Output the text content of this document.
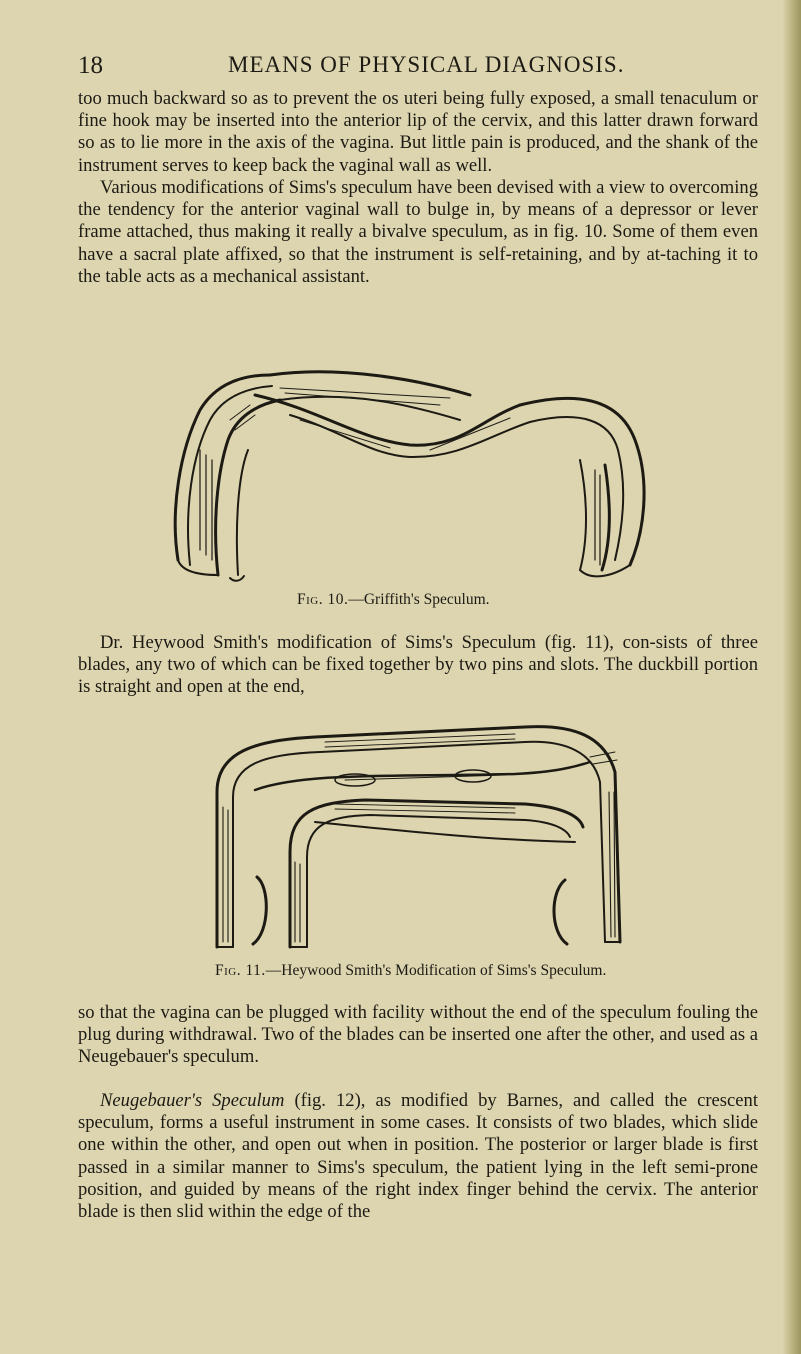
18	MEANS OF PHYSICAL DIAGNOSIS.

too much backward so as to prevent the os uteri being fully exposed, a small tenaculum or fine hook may be inserted into the anterior lip of the cervix, and this latter drawn forward so as to lie more in the axis of the vagina. But little pain is produced, and the shank of the instrument serves to keep back the vaginal wall as well.

Various modifications of Sims's speculum have been devised with a view to overcoming the tendency for the anterior vaginal wall to bulge in, by means of a depressor or lever frame attached, thus making it really a bivalve speculum, as in fig. 10. Some of them even have a sacral plate affixed, so that the instrument is self-retaining, and by at-taching it to the table acts as a mechanical assistant.

Fig. 10.—Griffith's Speculum.

Dr. Heywood Smith's modification of Sims's Speculum (fig. 11), con-sists of three blades, any two of which can be fixed together by two pins and slots. The duckbill portion is straight and open at the end,

Fig. 11.—Heywood Smith's Modification of Sims's Speculum.

so that the vagina can be plugged with facility without the end of the speculum fouling the plug during withdrawal. Two of the blades can be inserted one after the other, and used as a Neugebauer's speculum.

Neugebauer's Speculum (fig. 12), as modified by Barnes, and called the crescent speculum, forms a useful instrument in some cases. It consists of two blades, which slide one within the other, and open out when in position. The posterior or larger blade is first passed in a similar manner to Sims's speculum, the patient lying in the left semi-prone position, and guided by means of the right index finger behind the cervix. The anterior blade is then slid within the edge of the
